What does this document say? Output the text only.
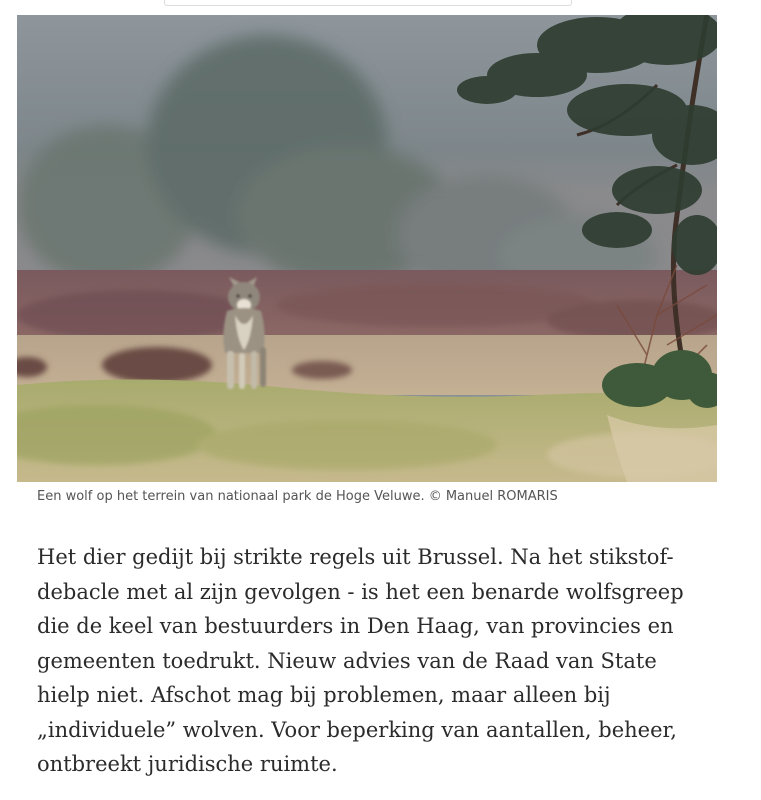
Een wolf op het terrein van nationaal park de Hoge Veluwe. © Manuel ROMARIS
Het dier gedijt bij strikte regels uit Brussel. Na het stikstof-
debacle met al zijn gevolgen - is het een benarde wolfsgreep
die de keel van bestuurders in Den Haag, van provincies en
gemeenten toedrukt. Nieuw advies van de Raad van State
hielp niet. Afschot mag bij problemen, maar alleen bij
„individuele” wolven. Voor beperking van aantallen, beheer,
ontbreekt juridische ruimte.
